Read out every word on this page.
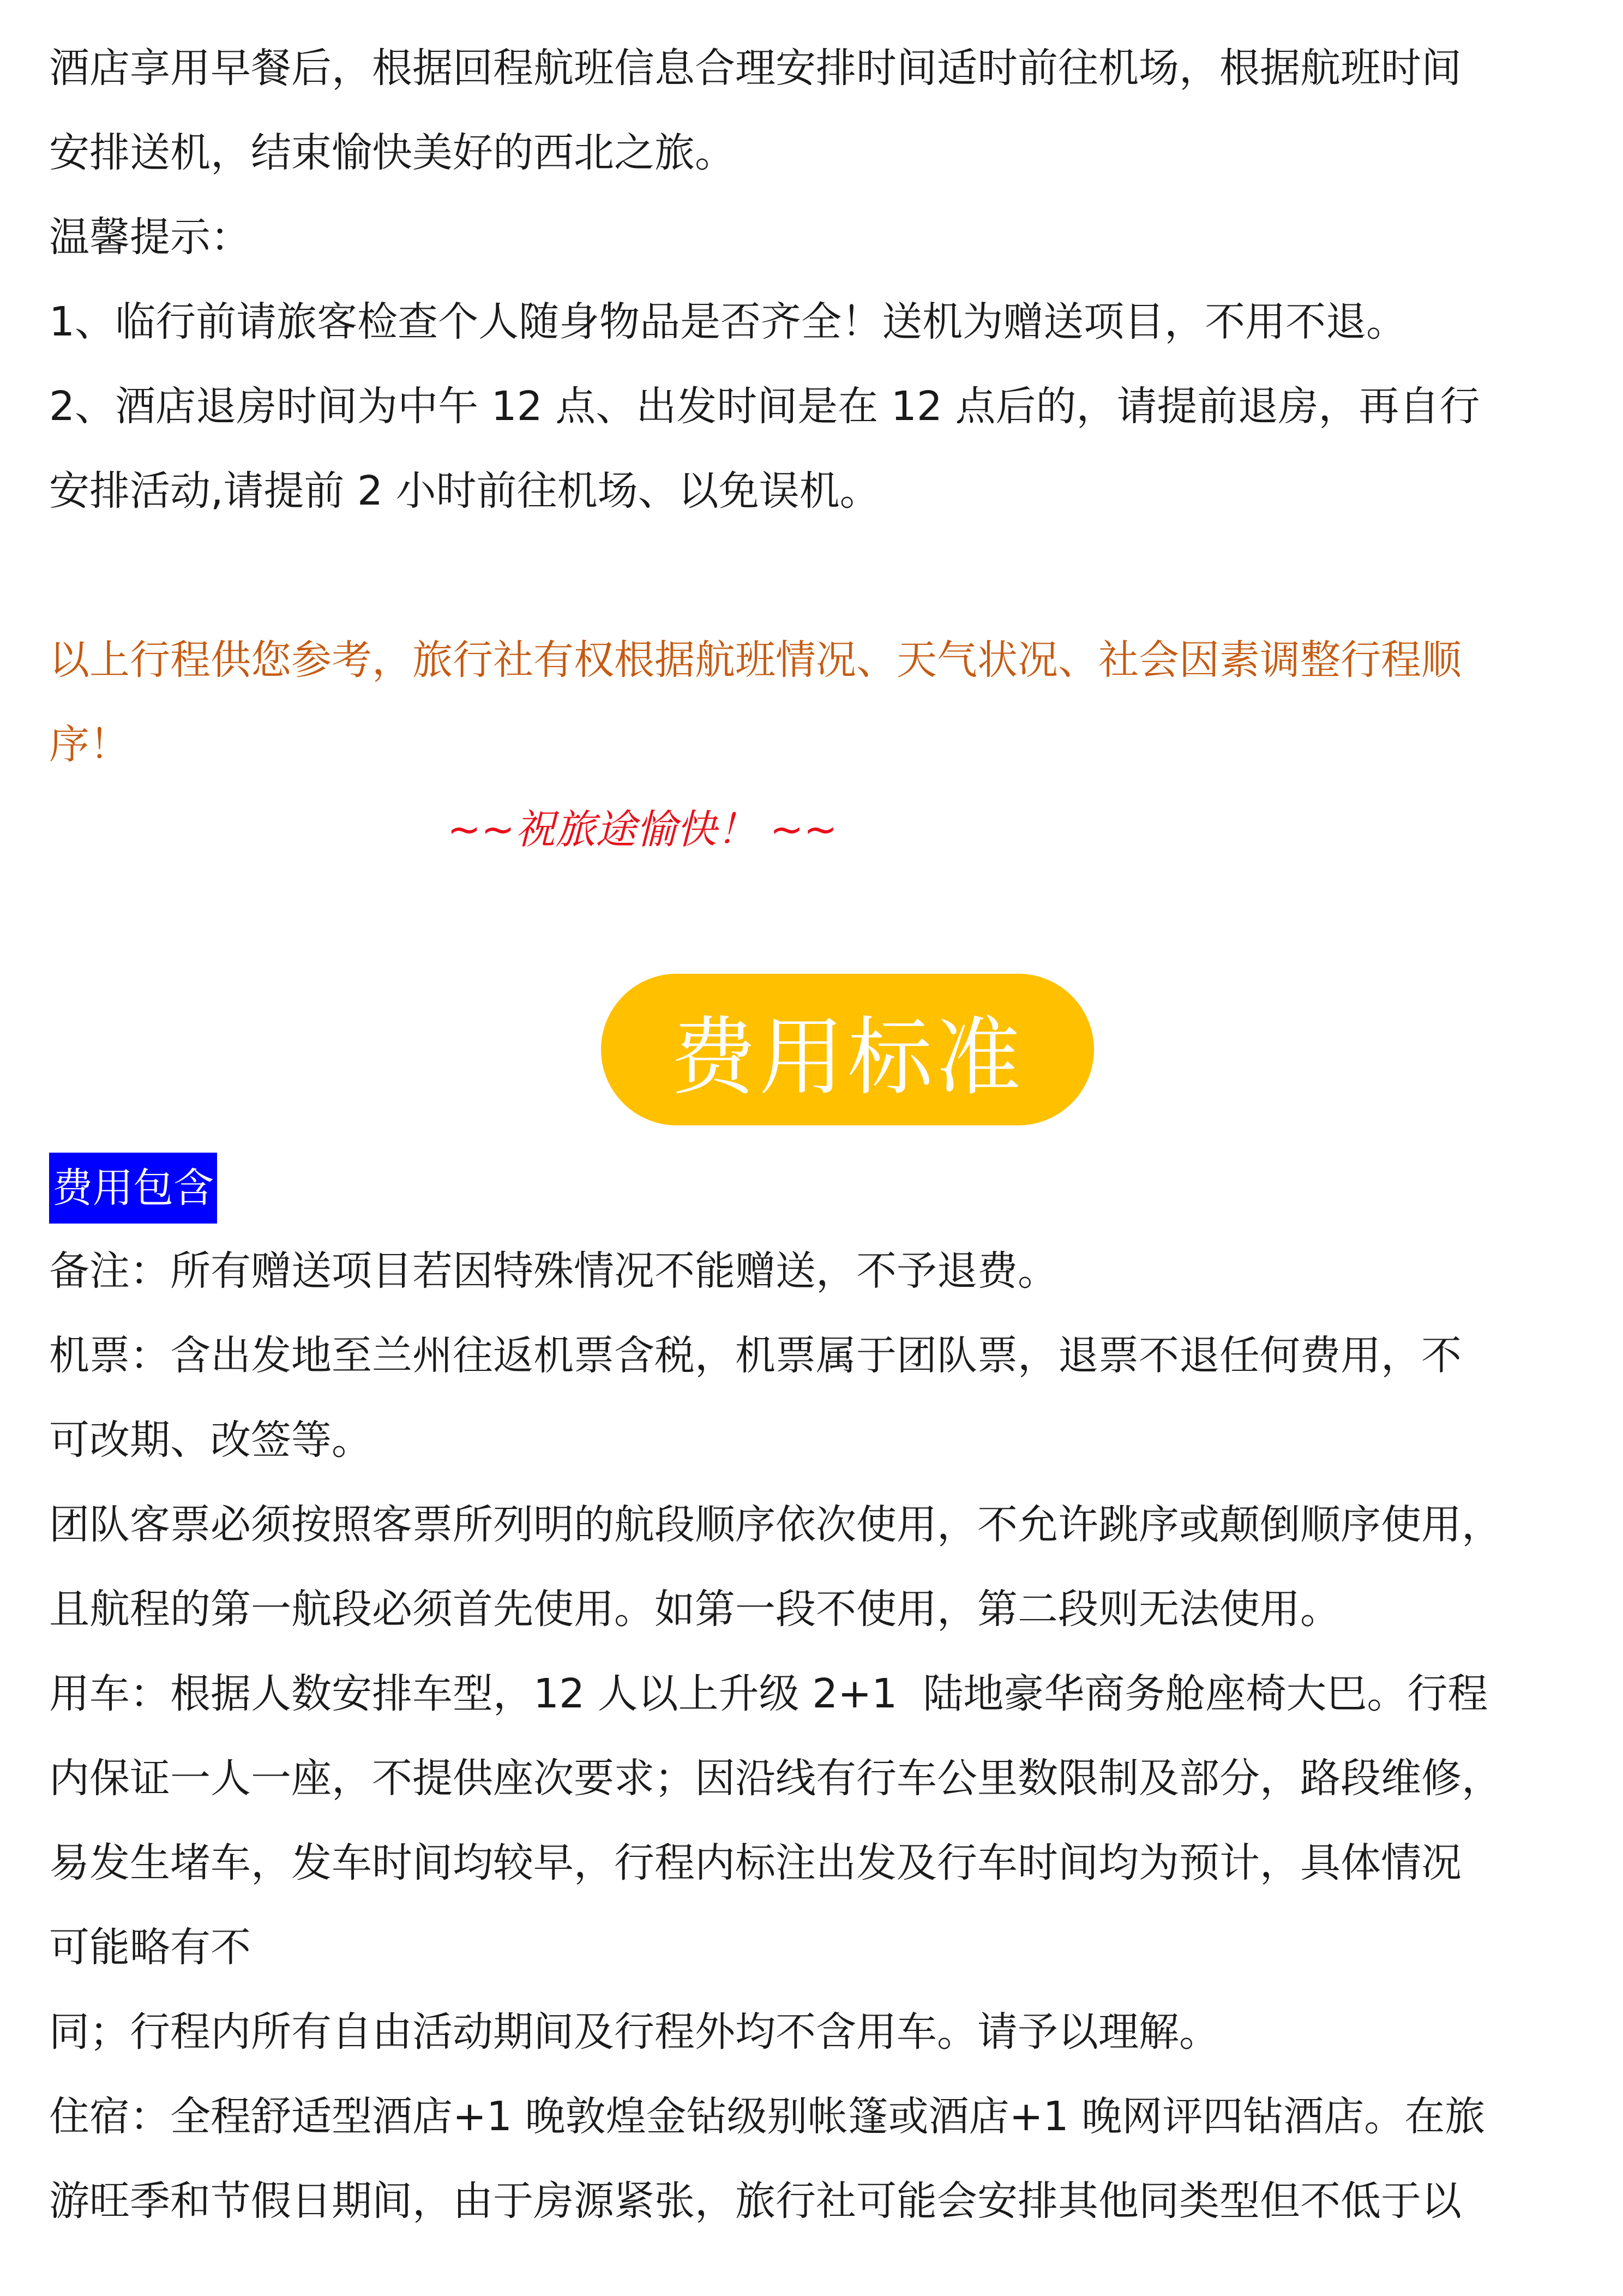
酒店享用早餐后，根据回程航班信息合理安排时间适时前往机场，根据航班时间

安排送机，结束愉快美好的西北之旅。

温馨提示：

1、临行前请旅客检查个人随身物品是否齐全！送机为赠送项目，不用不退。

2、酒店退房时间为中午 12 点、出发时间是在 12 点后的，请提前退房，再自行

安排活动,请提前 2 小时前往机场、以免误机。

以上行程供您参考，旅行社有权根据航班情况、天气状况、社会因素调整行程顺

序！

~~祝旅途愉快！ ~~
费用标准
费用包含

备注：所有赠送项目若因特殊情况不能赠送，不予退费。

机票：含出发地至兰州往返机票含税，机票属于团队票，退票不退任何费用，不

可改期、改签等。

团队客票必须按照客票所列明的航段顺序依次使用，不允许跳序或颠倒顺序使用，

且航程的第一航段必须首先使用。如第一段不使用，第二段则无法使用。

用车：根据人数安排车型，12 人以上升级 2+1  陆地豪华商务舱座椅大巴。行程

内保证一人一座，不提供座次要求；因沿线有行车公里数限制及部分，路段维修，

易发生堵车，发车时间均较早，行程内标注出发及行车时间均为预计，具体情况

可能略有不

同；行程内所有自由活动期间及行程外均不含用车。请予以理解。

住宿：全程舒适型酒店+1 晚敦煌金钻级别帐篷或酒店+1 晚网评四钻酒店。在旅

游旺季和节假日期间，由于房源紧张，旅行社可能会安排其他同类型但不低于以
